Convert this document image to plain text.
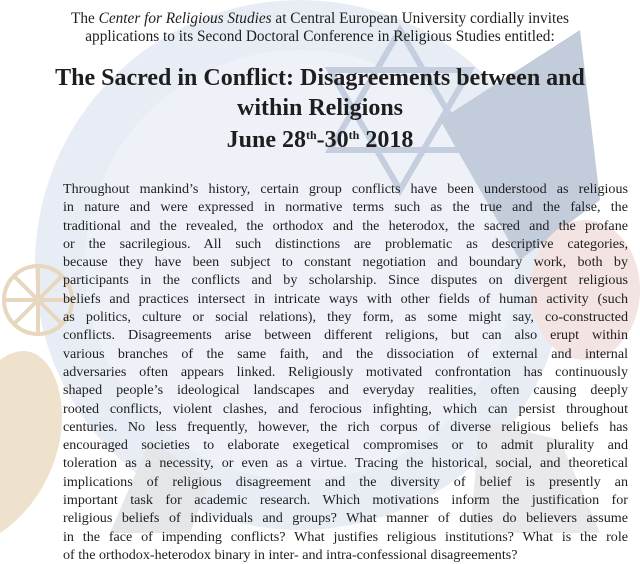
The Center for Religious Studies at Central European University cordially invites
applications to its Second Doctoral Conference in Religious Studies entitled:
The Sacred in Conflict: Disagreements between and
within Religions
June 28th-30th 2018
Throughout mankind’s history, certain group conflicts have been understood as religious
in nature and were expressed in normative terms such as the true and the false, the
traditional and the revealed, the orthodox and the heterodox, the sacred and the profane
or the sacrilegious. All such distinctions are problematic as descriptive categories,
because they have been subject to constant negotiation and boundary work, both by
participants in the conflicts and by scholarship. Since disputes on divergent religious
beliefs and practices intersect in intricate ways with other fields of human activity (such
as politics, culture or social relations), they form, as some might say, co-constructed
conflicts. Disagreements arise between different religions, but can also erupt within
various branches of the same faith, and the dissociation of external and internal
adversaries often appears linked. Religiously motivated confrontation has continuously
shaped people’s ideological landscapes and everyday realities, often causing deeply
rooted conflicts, violent clashes, and ferocious infighting, which can persist throughout
centuries. No less frequently, however, the rich corpus of diverse religious beliefs has
encouraged societies to elaborate exegetical compromises or to admit plurality and
toleration as a necessity, or even as a virtue. Tracing the historical, social, and theoretical
implications of religious disagreement and the diversity of belief is presently an
important task for academic research. Which motivations inform the justification for
religious beliefs of individuals and groups? What manner of duties do believers assume
in the face of impending conflicts? What justifies religious institutions? What is the role
of the orthodox-heterodox binary in inter- and intra-confessional disagreements?
